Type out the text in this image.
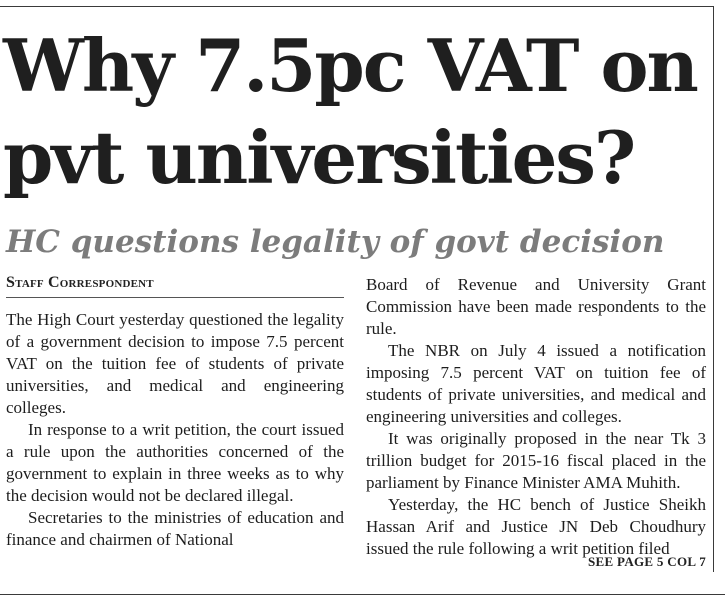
Why 7.5pc VAT on
pvt universities?
HC questions legality of govt decision
Staff Correspondent

The High Court yesterday questioned the legality of a government decision to impose 7.5 percent VAT on the tuition fee of students of private universities, and medical and engineering colleges.

In response to a writ petition, the court issued a rule upon the authorities concerned of the government to explain in three weeks as to why the decision would not be declared illegal.

Secretaries to the ministries of education and finance and chairmen of National

Board of Revenue and University Grant Commission have been made respondents to the rule.

The NBR on July 4 issued a notification imposing 7.5 percent VAT on tuition fee of students of private universities, and medical and engineering universities and colleges.

It was originally proposed in the near Tk 3 trillion budget for 2015-16 fiscal placed in the parliament by Finance Minister AMA Muhith.

Yesterday, the HC bench of Justice Sheikh Hassan Arif and Justice JN Deb Choudhury issued the rule following a writ petition filed

SEE PAGE 5 COL 7
